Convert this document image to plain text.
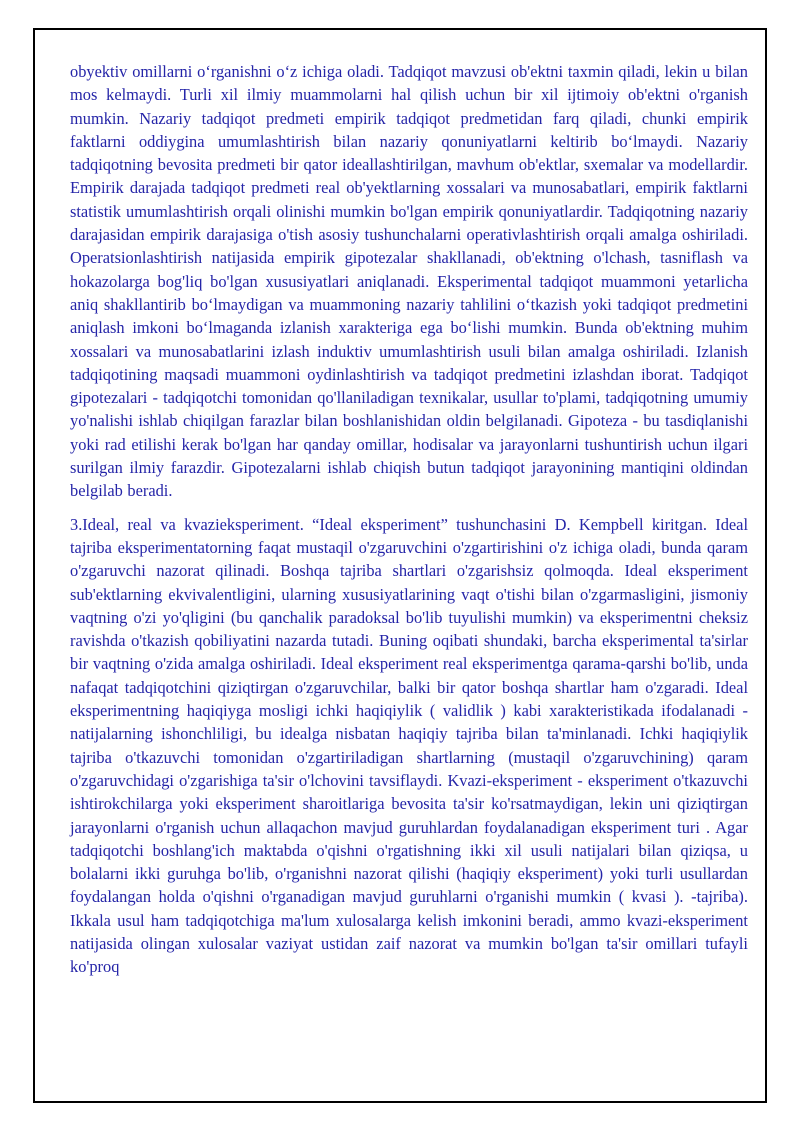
obyektiv omillarni o‘rganishni o‘z ichiga oladi. Tadqiqot mavzusi ob'ektni taxmin qiladi, lekin u bilan mos kelmaydi. Turli xil ilmiy muammolarni hal qilish uchun bir xil ijtimoiy ob'ektni o'rganish mumkin. Nazariy tadqiqot predmeti empirik tadqiqot predmetidan farq qiladi, chunki empirik faktlarni oddiygina umumlashtirish bilan nazariy qonuniyatlarni keltirib bo‘lmaydi. Nazariy tadqiqotning bevosita predmeti bir qator ideallashtirilgan, mavhum ob'ektlar, sxemalar va modellardir. Empirik darajada tadqiqot predmeti real ob'yektlarning xossalari va munosabatlari, empirik faktlarni statistik umumlashtirish orqali olinishi mumkin bo'lgan empirik qonuniyatlardir. Tadqiqotning nazariy darajasidan empirik darajasiga o'tish asosiy tushunchalarni operativlashtirish orqali amalga oshiriladi. Operatsionlashtirish natijasida empirik gipotezalar shakllanadi, ob'ektning o'lchash, tasniflash va hokazolarga bog'liq bo'lgan xususiyatlari aniqlanadi. Eksperimental tadqiqot muammoni yetarlicha aniq shakllantirib bo‘lmaydigan va muammoning nazariy tahlilini o‘tkazish yoki tadqiqot predmetini aniqlash imkoni bo‘lmaganda izlanish xarakteriga ega bo‘lishi mumkin. Bunda ob'ektning muhim xossalari va munosabatlarini izlash induktiv umumlashtirish usuli bilan amalga oshiriladi. Izlanish tadqiqotining maqsadi muammoni oydinlashtirish va tadqiqot predmetini izlashdan iborat. Tadqiqot gipotezalari - tadqiqotchi tomonidan qo'llaniladigan texnikalar, usullar to'plami, tadqiqotning umumiy yo'nalishi ishlab chiqilgan farazlar bilan boshlanishidan oldin belgilanadi. Gipoteza - bu tasdiqlanishi yoki rad etilishi kerak bo'lgan har qanday omillar, hodisalar va jarayonlarni tushuntirish uchun ilgari surilgan ilmiy farazdir. Gipotezalarni ishlab chiqish butun tadqiqot jarayonining mantiqini oldindan belgilab beradi.

3.Ideal, real va kvazieksperiment. “Ideal eksperiment” tushunchasini D. Kempbell kiritgan. Ideal tajriba eksperimentatorning faqat mustaqil o'zgaruvchini o'zgartirishini o'z ichiga oladi, bunda qaram o'zgaruvchi nazorat qilinadi. Boshqa tajriba shartlari o'zgarishsiz qolmoqda. Ideal eksperiment sub'ektlarning ekvivalentligini, ularning xususiyatlarining vaqt o'tishi bilan o'zgarmasligini, jismoniy vaqtning o'zi yo'qligini (bu qanchalik paradoksal bo'lib tuyulishi mumkin) va eksperimentni cheksiz ravishda o'tkazish qobiliyatini nazarda tutadi. Buning oqibati shundaki, barcha eksperimental ta'sirlar bir vaqtning o'zida amalga oshiriladi. Ideal eksperiment real eksperimentga qarama-qarshi bo'lib, unda nafaqat tadqiqotchini qiziqtirgan o'zgaruvchilar, balki bir qator boshqa shartlar ham o'zgaradi. Ideal eksperimentning haqiqiyga mosligi ichki haqiqiylik ( validlik ) kabi xarakteristikada ifodalanadi - natijalarning ishonchliligi, bu idealga nisbatan haqiqiy tajriba bilan ta'minlanadi. Ichki haqiqiylik tajriba o'tkazuvchi tomonidan o'zgartiriladigan shartlarning (mustaqil o'zgaruvchining) qaram o'zgaruvchidagi o'zgarishiga ta'sir o'lchovini tavsiflaydi. Kvazi-eksperiment - eksperiment o'tkazuvchi ishtirokchilarga yoki eksperiment sharoitlariga bevosita ta'sir ko'rsatmaydigan, lekin uni qiziqtirgan jarayonlarni o'rganish uchun allaqachon mavjud guruhlardan foydalanadigan eksperiment turi . Agar tadqiqotchi boshlang'ich maktabda o'qishni o'rgatishning ikki xil usuli natijalari bilan qiziqsa, u bolalarni ikki guruhga bo'lib, o'rganishni nazorat qilishi (haqiqiy eksperiment) yoki turli usullardan foydalangan holda o'qishni o'rganadigan mavjud guruhlarni o'rganishi mumkin ( kvasi ). -tajriba). Ikkala usul ham tadqiqotchiga ma'lum xulosalarga kelish imkonini beradi, ammo kvazi-eksperiment natijasida olingan xulosalar vaziyat ustidan zaif nazorat va mumkin bo'lgan ta'sir omillari tufayli ko'proq
